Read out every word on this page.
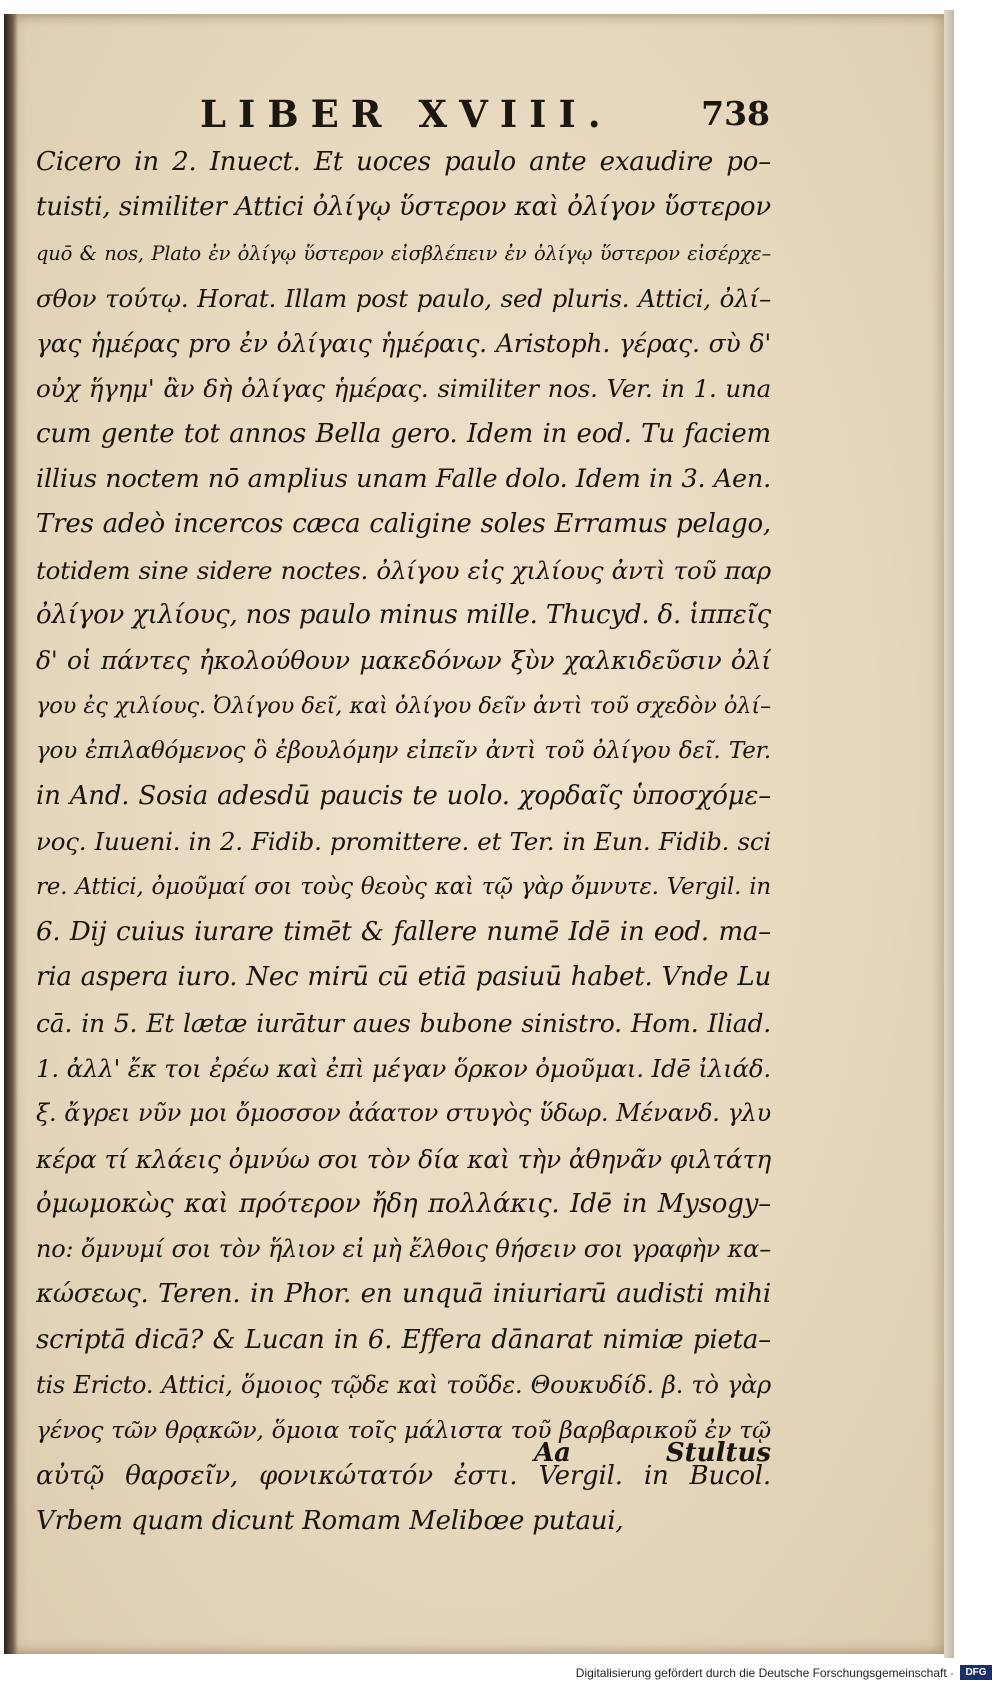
LIBER XVIII.	738
Cicero in 2. Inuect. Et uoces paulo ante exaudire po–
tuisti, similiter Attici ὀλίγῳ ὕστερον καὶ ὀλίγον ὕστερον
quō & nos, Plato ἐν ὀλίγῳ ὕστερον εἰσβλέπειν ἐν ὀλίγῳ ὕστερον εἰσέρχε–
σθον τούτῳ. Horat. Illam post paulo, sed pluris. Attici, ὀλί–
γας ἡμέρας pro ἐν ὀλίγαις ἡμέραις. Aristoph. γέρας. σὺ δ'
οὐχ ἥγημ' ἂν δὴ ὀλίγας ἡμέρας. similiter nos. Ver. in 1. una
cum gente tot annos Bella gero. Idem in eod. Tu faciem
illius noctem nō amplius unam Falle dolo. Idem in 3. Aen.
Tres adeò incercos cæca caligine soles Erramus pelago,
totidem sine sidere noctes. ὀλίγου εἰς χιλίους ἀντὶ τοῦ παρ
ὀλίγον χιλίους, nos paulo minus mille. Thucyd. δ. ἱππεῖς
δ' οἱ πάντες ἠκολούθουν μακεδόνων ξὺν χαλκιδεῦσιν ὀλί
γου ἐς χιλίους. Ὀλίγου δεῖ, καὶ ὀλίγου δεῖν ἀντὶ τοῦ σχεδὸν ὀλί–
γου ἐπιλαθόμενος ὃ ἐβουλόμην εἰπεῖν ἀντὶ τοῦ ὀλίγου δεῖ. Ter.
in And. Sosia adesdū paucis te uolo. χορδαῖς ὑποσχόμε–
νος. Iuueni. in 2. Fidib. promittere. et Ter. in Eun. Fidib. sci
re. Attici, ὀμοῦμαί σοι τοὺς θεοὺς καὶ τῷ γὰρ ὄμνυτε. Vergil. in
6. Dij cuius iurare timēt & fallere numē Idē in eod. ma–
ria aspera iuro. Nec mirū cū etiā pasiuū habet. Vnde Lu
cā. in 5. Et lætæ iurātur aues bubone sinistro. Hom. Iliad.
1. ἀλλ' ἔκ τοι ἐρέω καὶ ἐπὶ μέγαν ὅρκον ὀμοῦμαι. Idē ἰλιάδ.
ξ. ἄγρει νῦν μοι ὄμοσσον ἀάατον στυγὸς ὕδωρ. Μένανδ. γλυ
κέρα τί κλάεις ὀμνύω σοι τὸν δία καὶ τὴν ἀθηνᾶν φιλτάτη
ὀμωμοκὼς καὶ πρότερον ἤδη πολλάκις. Idē in Mysogy–
no: ὄμνυμί σοι τὸν ἥλιον εἰ μὴ ἔλθοις θήσειν σοι γραφὴν κα–
κώσεως. Teren. in Phor. en unquā iniuriarū audisti mihi
scriptā dicā? & Lucan in 6. Effera dānarat nimiæ pieta–
tis Ericto. Attici, ὅμοιος τῷδε καὶ τοῦδε. Θουκυδίδ. β. τὸ γὰρ
γένος τῶν θρᾳκῶν, ὅμοια τοῖς μάλιστα τοῦ βαρβαρικοῦ ἐν τῷ
αὐτῷ θαρσεῖν, φονικώτατόν ἐστι. Vergil. in Bucol.
Vrbem quam dicunt Romam Melibœe putaui,
Aa	Stultus
Digitalisierung gefördert durch die Deutsche Forschungsgemeinschaft ·	DFG
